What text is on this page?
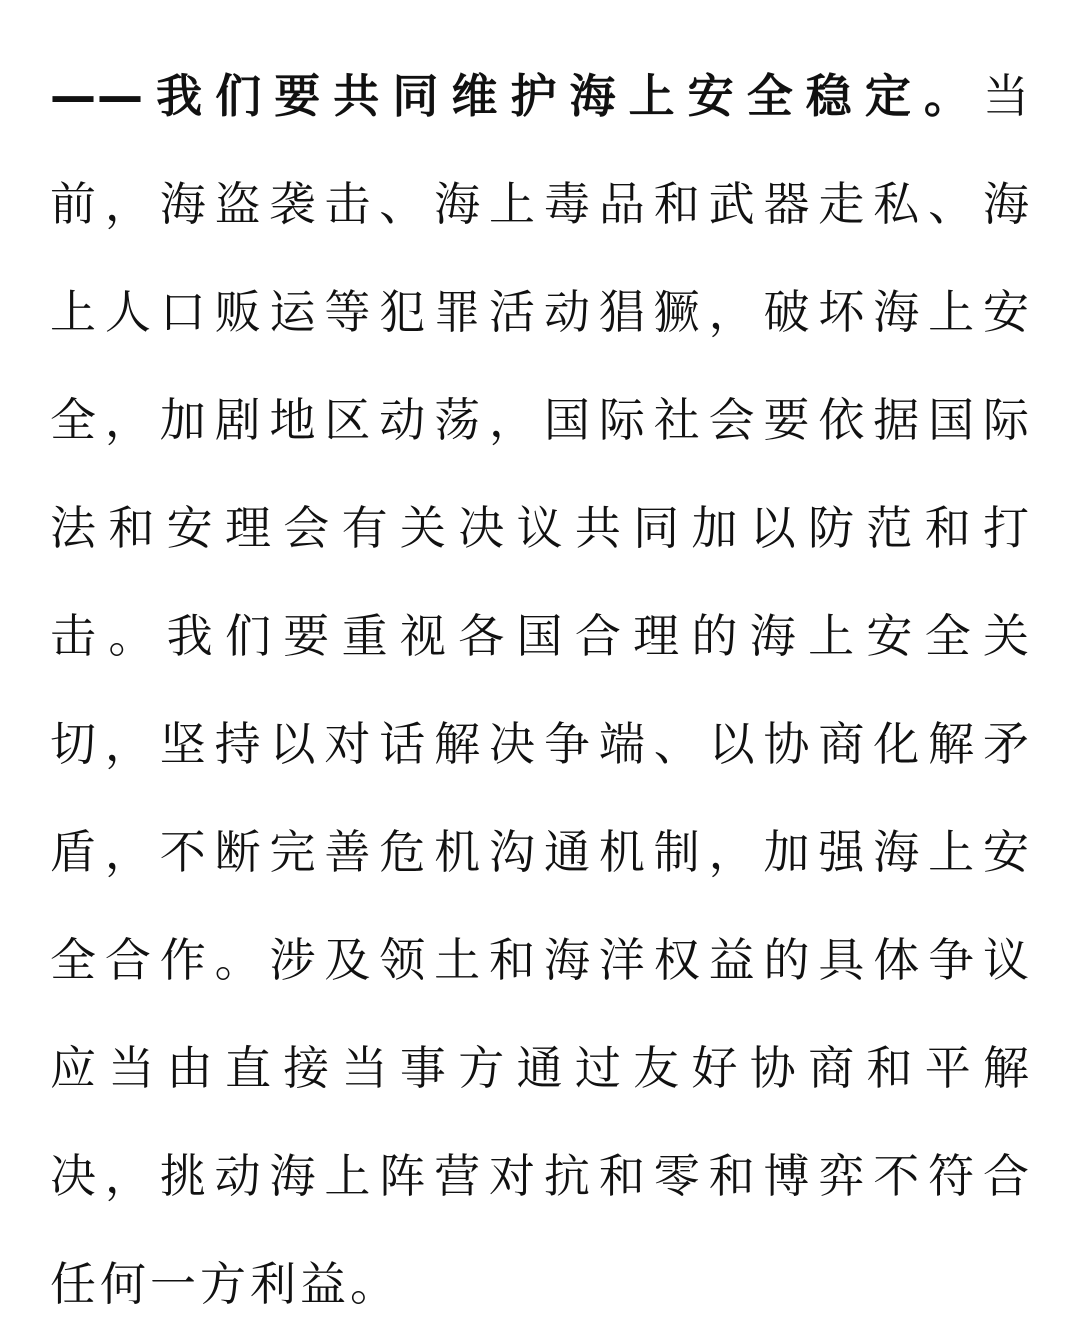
——我们要共同维护海上安全稳定。当
前，海盗袭击、海上毒品和武器走私、海
上人口贩运等犯罪活动猖獗，破坏海上安
全，加剧地区动荡，国际社会要依据国际
法和安理会有关决议共同加以防范和打
击。我们要重视各国合理的海上安全关
切，坚持以对话解决争端、以协商化解矛
盾，不断完善危机沟通机制，加强海上安
全合作。涉及领土和海洋权益的具体争议
应当由直接当事方通过友好协商和平解
决，挑动海上阵营对抗和零和博弈不符合
任何一方利益。
